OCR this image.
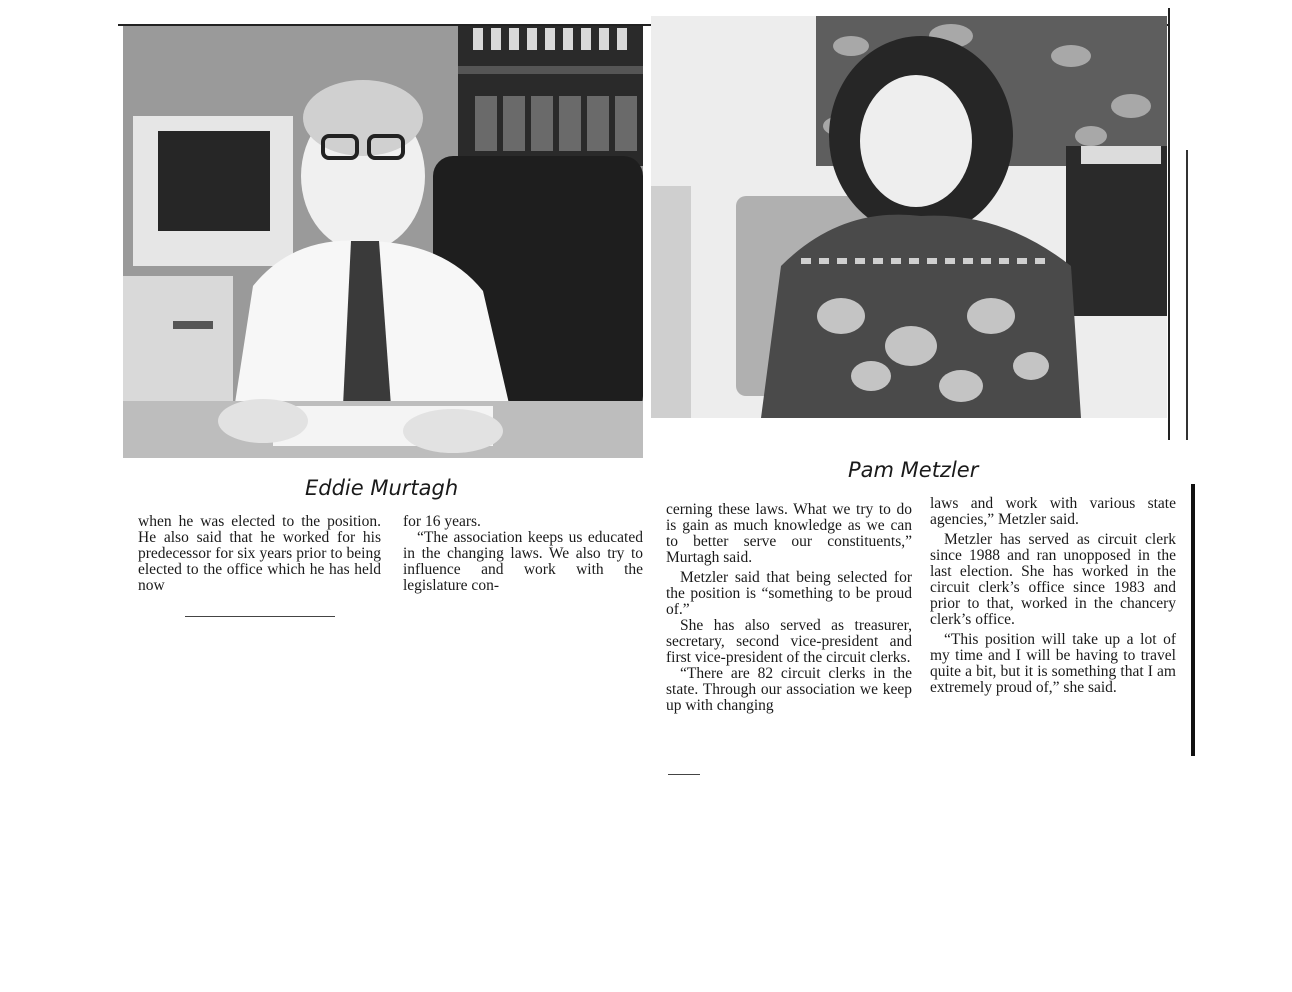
Eddie Murtagh
Pam Metzler

when he was elected to the position. He also said that he worked for his predecessor for six years prior to being elected to the office which he has held now

for 16 years.

“The association keeps us educated in the changing laws. We also try to influence and work with the legislature con-

cerning these laws. What we try to do is gain as much knowledge as we can to better serve our constituents,” Murtagh said.

Metzler said that being selected for the position is “something to be proud of.”

She has also served as treasurer, secretary, second vice-president and first vice-president of the circuit clerks.

“There are 82 circuit clerks in the state. Through our association we keep up with changing

laws and work with various state agencies,” Metzler said.

Metzler has served as circuit clerk since 1988 and ran unopposed in the last election. She has worked in the circuit clerk’s office since 1983 and prior to that, worked in the chancery clerk’s office.

“This position will take up a lot of my time and I will be having to travel quite a bit, but it is something that I am extremely proud of,” she said.
